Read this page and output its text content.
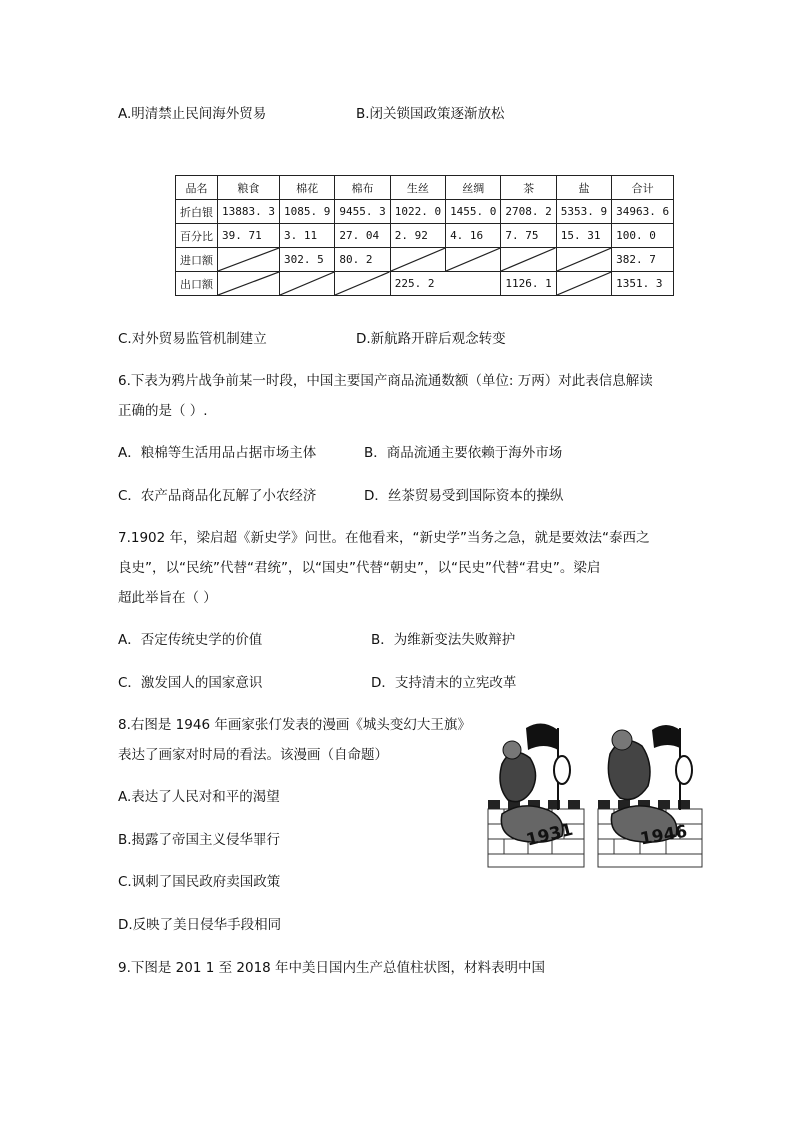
A.明清禁止民间海外贸易	B.闭关锁国政策逐渐放松
品名	粮食	棉花	棉布	生丝	丝绸	茶	盐	合计
折白银	13883. 3	1085. 9	9455. 3	1022. 0	1455. 0	2708. 2	5353. 9	34963. 6
百分比	39. 71	3. 11	27. 04	2. 92	4. 16	7. 75	15. 31	100. 0
进口额		302. 5	80. 2					382. 7
出口额				225. 2		1126. 1		1351. 3
C.对外贸易监管机制建立	D.新航路开辟后观念转变
6.下表为鸦片战争前某一时段，中国主要国产商品流通数额（单位: 万两）对此表信息解读
正确的是（ ）.
A．粮棉等生活用品占据市场主体	B．商品流通主要依赖于海外市场
C．农产品商品化瓦解了小农经济	D．丝茶贸易受到国际资本的操纵
7.1902 年，梁启超《新史学》问世。在他看来，“新史学”当务之急，就是要效法“泰西之
良史”，以“民统”代替“君统”，以“国史”代替“朝史”，以“民史”代替“君史”。梁启
超此举旨在（ ）
A．否定传统史学的价值	B．为维新变法失败辩护
C．激发国人的国家意识	D．支持清末的立宪改革
8.右图是 1946 年画家张仃发表的漫画《城头变幻大王旗》
表达了画家对时局的看法。该漫画（自命题）
A.表达了人民对和平的渴望
B.揭露了帝国主义侵华罪行
C.讽刺了国民政府卖国政策
D.反映了美日侵华手段相同
1931	1946
9.下图是 201 1 至 2018 年中美日国内生产总值柱状图，材料表明中国
